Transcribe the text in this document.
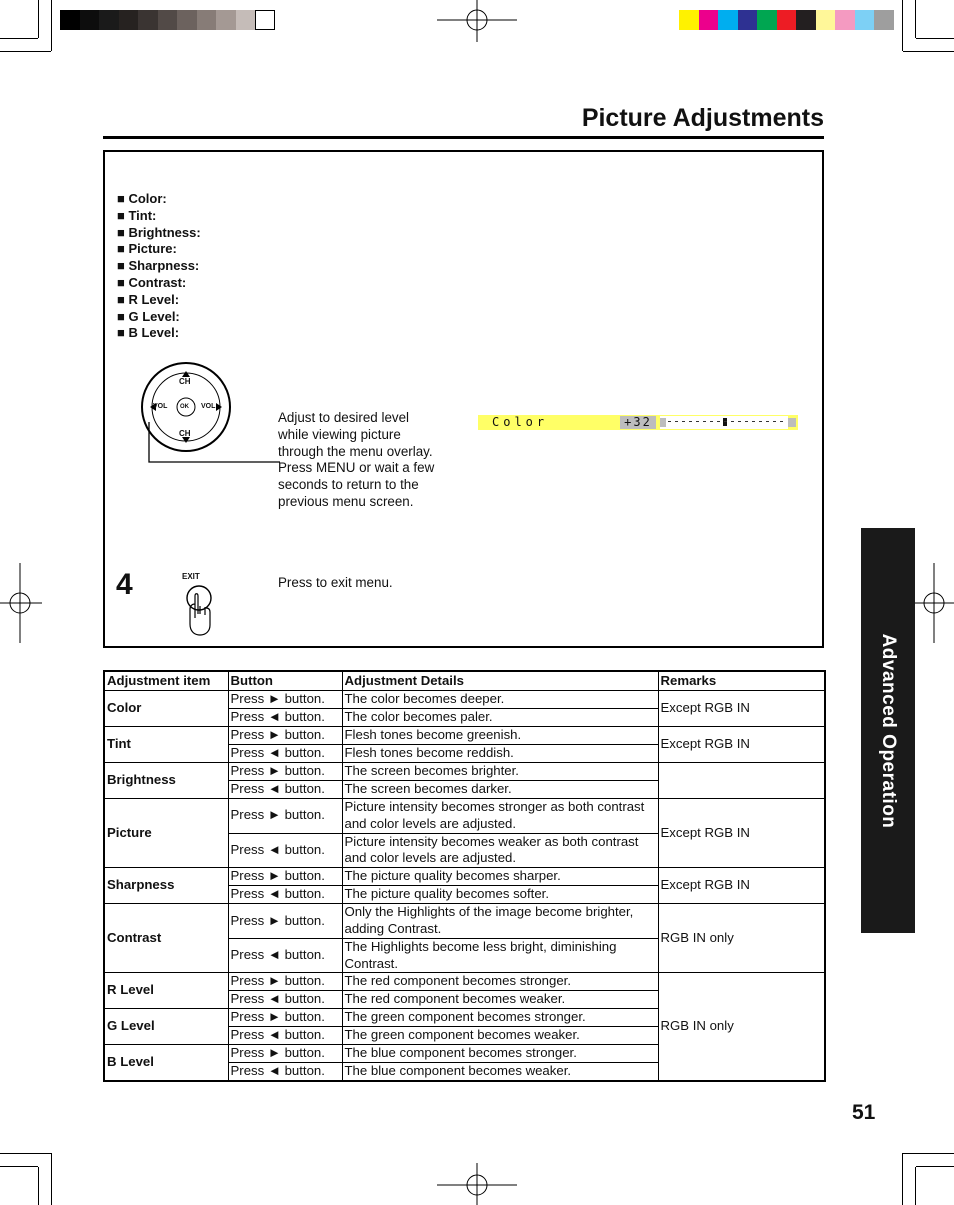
Picture Adjustments
■ Color:
■ Tint:
■ Brightness:
■ Picture:
■ Sharpness:
■ Contrast:
■ R Level:
■ G Level:
■ B Level:
CH
CH
VOL	VOL
OK
Adjust to desired level
while viewing picture
through the menu overlay.
Press MENU or wait a few
seconds to return to the
previous menu screen.
Color	+32
4	EXIT	Press to exit menu.
Advanced Operation
Adjustment item	Button	Adjustment Details	Remarks
Color	Press ► button.	The color becomes deeper.	Except RGB IN
	Press ◄ button.	The color becomes paler.	
Tint	Press ► button.	Flesh tones become greenish.	Except RGB IN
	Press ◄ button.	Flesh tones become reddish.	
Brightness	Press ► button.	The screen becomes brighter.	
	Press ◄ button.	The screen becomes darker.	
Picture	Press ► button.	Picture intensity becomes stronger as both contrast and color levels are adjusted.	Except RGB IN
	Press ◄ button.	Picture intensity becomes weaker as both contrast and color levels are adjusted.	
Sharpness	Press ► button.	The picture quality becomes sharper.	Except RGB IN
	Press ◄ button.	The picture quality becomes softer.	
Contrast	Press ► button.	Only the Highlights of the image become brighter, adding Contrast.	RGB IN only
	Press ◄ button.	The Highlights become less bright, diminishing Contrast.	
R Level	Press ► button.	The red component becomes stronger.	RGB IN only
	Press ◄ button.	The red component becomes weaker.	
G Level	Press ► button.	The green component becomes stronger.	
	Press ◄ button.	The green component becomes weaker.	
B Level	Press ► button.	The blue component becomes stronger.	
	Press ◄ button.	The blue component becomes weaker.	
51
